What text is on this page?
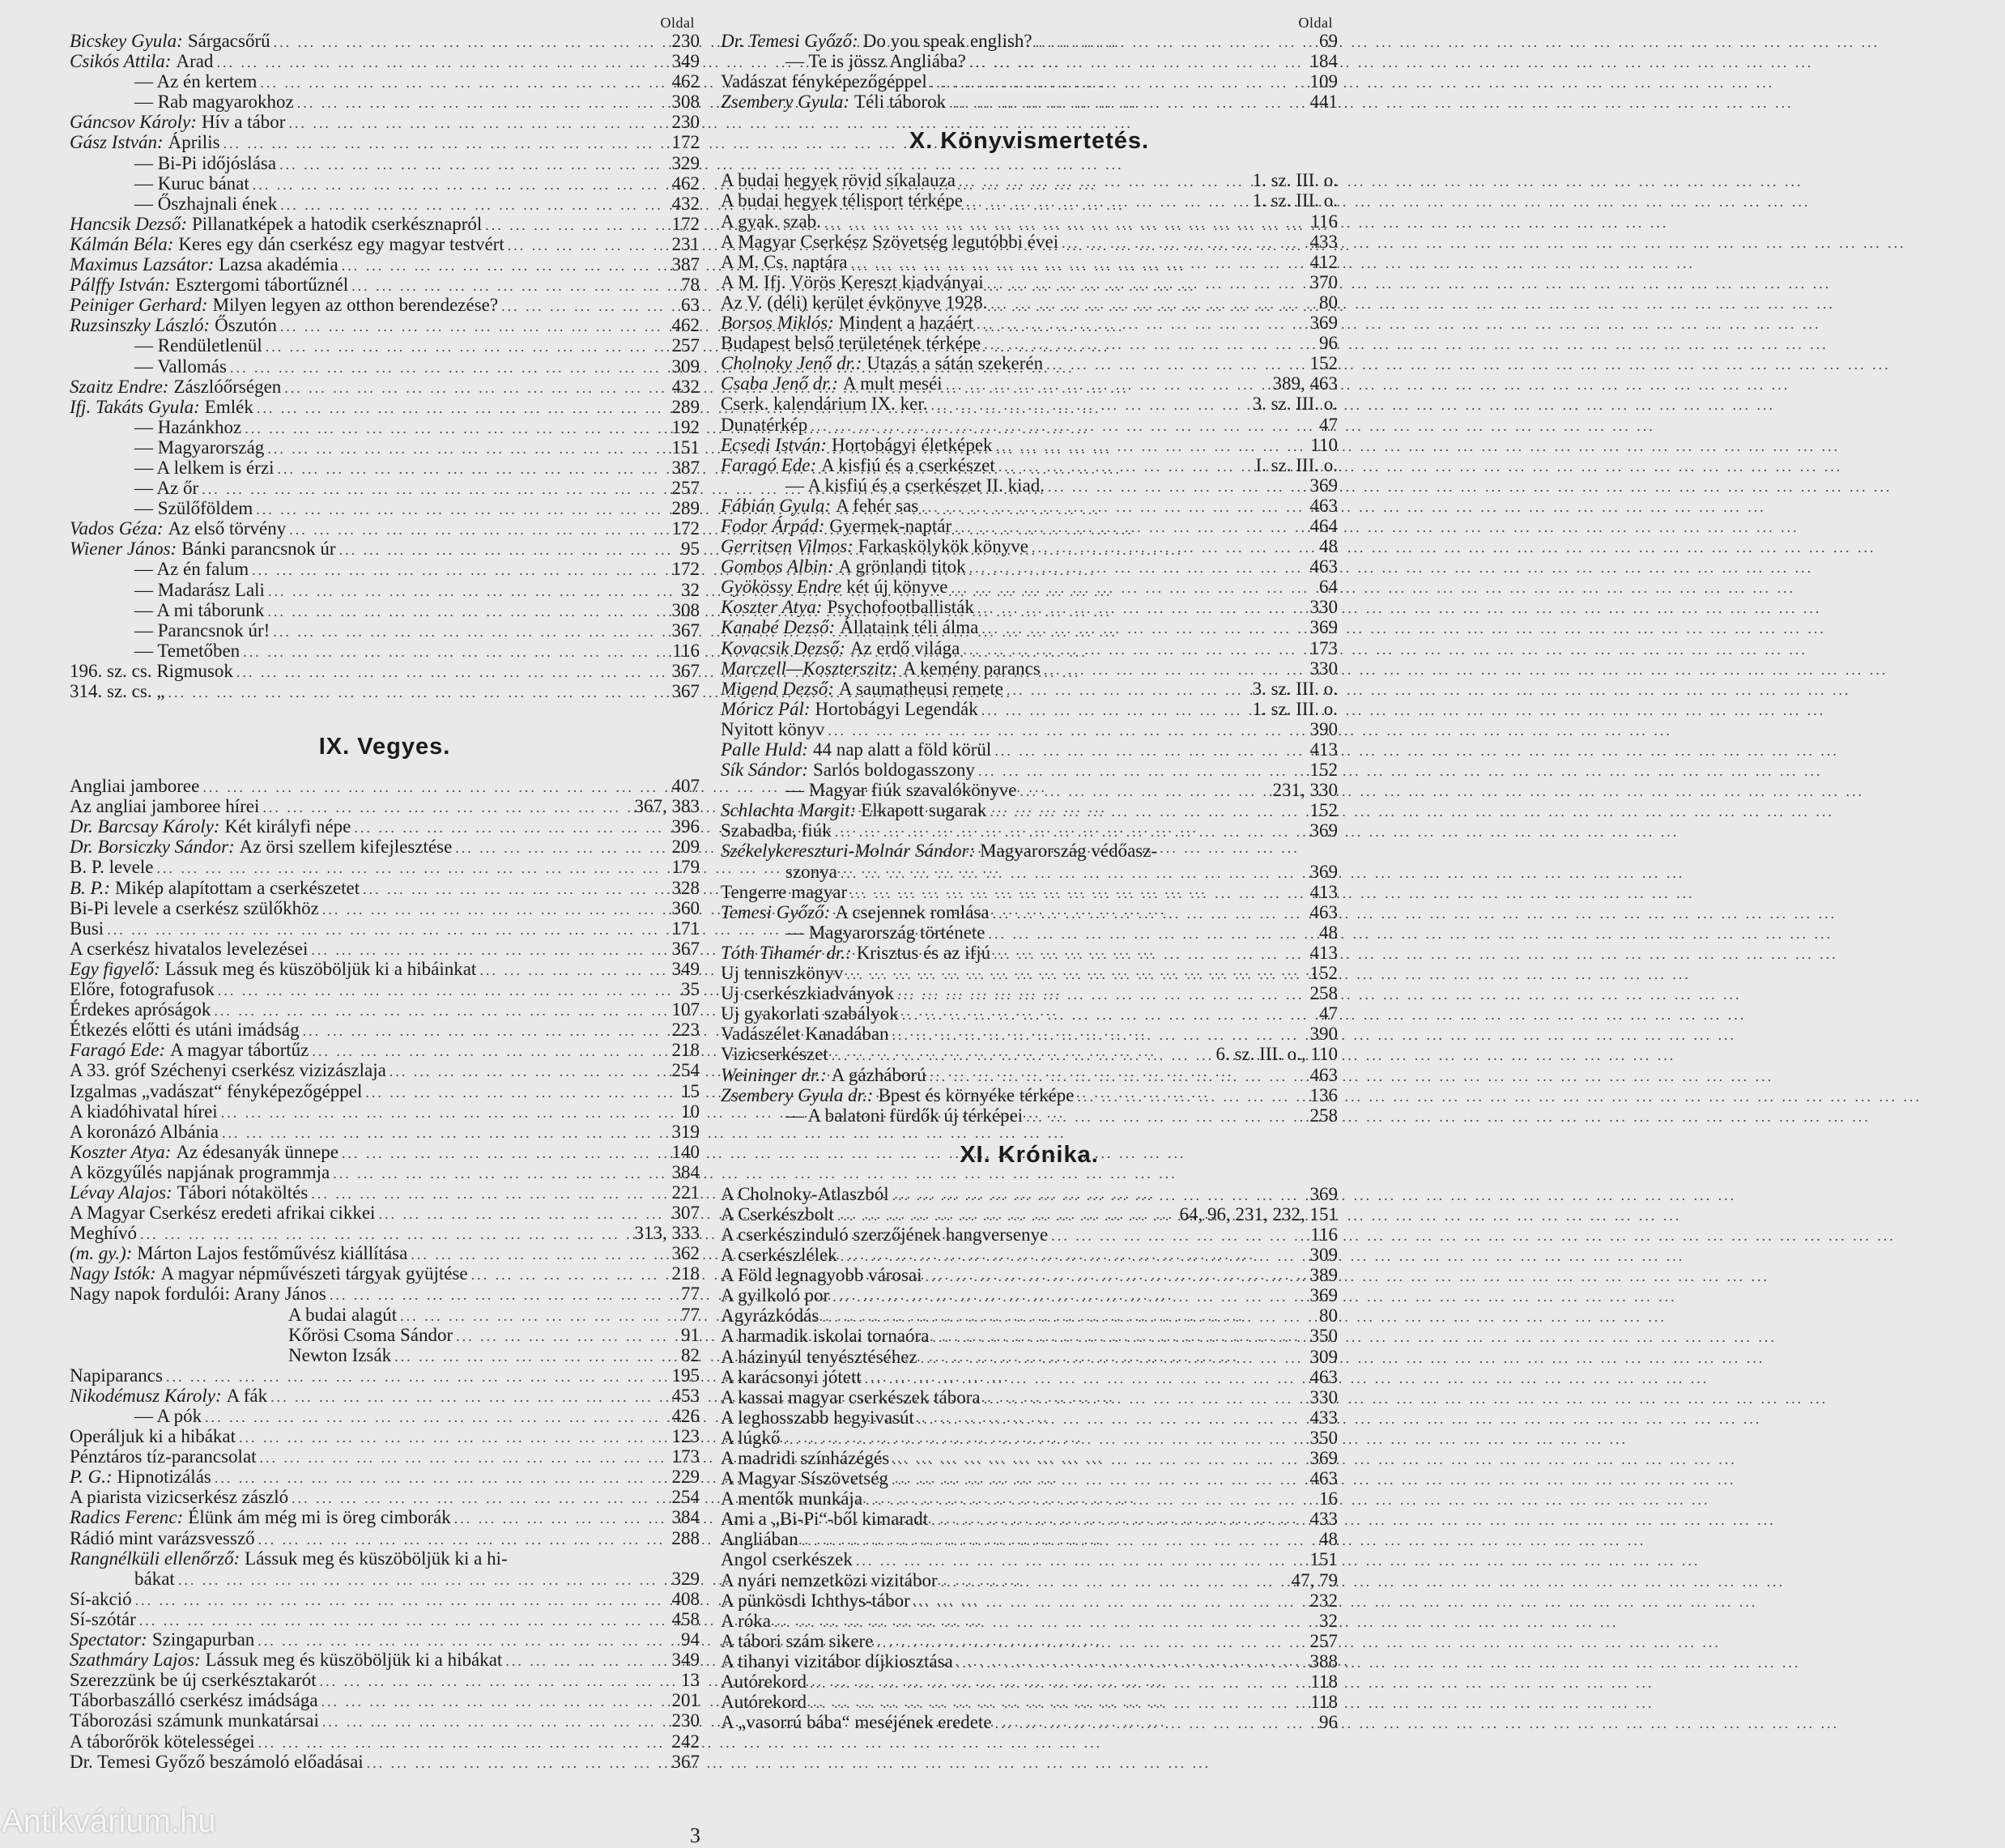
Oldal
Bicskey Gyula: Sárgacsőrű ... .	230
Csikós Attila: Arad ... .	349
— Az én kertem ... .	462
— Rab magyarokhoz ... .	308
Gáncsov Károly: Hív a tábor ... .	230
Gász István: Április ... .	172
— Bi-Pi időjóslása ... .	329
— Kuruc bánat ... .	462
— Őszhajnali ének ... .	432
Hancsik Dezső: Pillanatképek a hatodik cserkésznapról ... .	172
Kálmán Béla: Keres egy dán cserkész egy magyar testvért ... .	231
Maximus Lazsátor: Lazsa akadémia ... .	387
Pálffy István: Esztergomi tábortűznél ... .	78
Peiniger Gerhard: Milyen legyen az otthon berendezése? ... .	63
Ruzsinszky László: Őszutón ... .	462
— Rendületlenül ... .	257
— Vallomás ... .	309
Szaitz Endre: Zászlóőrségen ... .	432
Ifj. Takáts Gyula: Emlék ... .	289
— Hazánkhoz ... .	192
— Magyarország ... .	151
— A lelkem is érzi ... .	387
— Az őr ... .	257
— Szülőföldem ... .	289
Vados Géza: Az első törvény ... .	172
Wiener János: Bánki parancsnok úr ... .	95
— Az én falum ... .	172
— Madarász Lali ... .	32
— A mi táborunk ... .	308
— Parancsnok úr! ... .	367
— Temetőben ... .	116
196. sz. cs. Rigmusok ... .	367
314. sz. cs. „ ... .	367
IX. Vegyes.
Angliai jamboree ... .	407
Az angliai jamboree hírei ... .	367, 383
Dr. Barcsay Károly: Két királyfi népe ... .	396
Dr. Borsiczky Sándor: Az örsi szellem kifejlesztése ... .	209
B. P. levele ... .	179
B. P.: Mikép alapítottam a cserkészetet ... .	328
Bi-Pi levele a cserkész szülőkhöz ... .	360
Busi ... .	171
A cserkész hivatalos levelezései ... .	367
Egy figyelő: Lássuk meg és küszöböljük ki a hibáinkat ... .	349
Előre, fotografusok ... .	35
Érdekes apróságok ... .	107
Étkezés előtti és utáni imádság ... .	223
Faragó Ede: A magyar tábortűz ... .	218
A 33. gróf Széchenyi cserkész vizizászlaja ... .	254
Izgalmas „vadászat“ fényképezőgéppel ... .	15
A kiadóhivatal hírei ... .	10
A koronázó Albánia ... .	319
Koszter Atya: Az édesanyák ünnepe ... .	140
A közgyűlés napjának programmja ... .	384
Lévay Alajos: Tábori nótaköltés ... .	221
A Magyar Cserkész eredeti afrikai cikkei ... .	307
Meghívó ... .	313, 333
(m. gy.): Márton Lajos festőművész kiállítása ... .	362
Nagy Istók: A magyar népművészeti tárgyak gyüjtése ... .	218
Nagy napok fordulói: Arany János ... .	77
A budai alagút ... .	77
Kőrösi Csoma Sándor ... .	91
Newton Izsák ... .	82
Napiparancs ... .	195
Nikodémusz Károly: A fák ... .	453
— A pók ... .	426
Operáljuk ki a hibákat ... .	123
Pénztáros tíz-parancsolat ... .	173
P. G.: Hipnotizálás ... .	229
A piarista vizicserkész zászló ... .	254
Radics Ferenc: Élünk ám még mi is öreg cimborák ... .	384
Rádió mint varázsvessző ... .	288
Rangnélküli ellenőrző: Lássuk meg és küszöböljük ki a hi-
bákat ... .	329
Sí-akció ... .	408
Sí-szótár ... .	458
Spectator: Szingapurban ... .	94
Szathmáry Lajos: Lássuk meg és küszöböljük ki a hibákat ... .	349
Szerezzünk be új cserkésztakarót ... .	13
Táborbaszálló cserkész imádsága ... .	201
Táborozási számunk munkatársai ... .	230
A táborőrök kötelességei ... .	242
Dr. Temesi Győző beszámoló előadásai ... .	367
Oldal
Dr. Temesi Győző: Do you speak english? ... .	69
— Te is jössz Angliába? ... .	184
Vadászat fényképezőgéppel ... .	109
Zsembery Gyula: Téli táborok ... .	441
X. Könyvismertetés.
A budai hegyek rövid síkalauza ... .	1. sz. III. o.
A budai hegyek télisport térképe ... .	1. sz. III. o.
A gyak. szab. ... .	116
A Magyar Cserkész Szövetség legutóbbi évei ... .	433
A M. Cs. naptára ... .	412
A M. Ifj. Vörös Kereszt kiadványai ... .	370
Az V. (déli) kerület évkönyve 1928. ... .	80
Borsos Miklós: Mindent a hazáért ... .	369
Budapest belső területének térképe ... .	96
Cholnoky Jenő dr.: Utazás a sátán szekerén ... .	152
Csaba Jenő dr.: A mult meséi ... .	389, 463
Cserk. kalendárium IX. ker. ... .	3. sz. III. o.
Dunatérkép ... .	47
Ecsedi István: Hortobágyi életképek ... .	110
Faragó Ede: A kisfiú és a cserkészet ... .	I. sz. III. o.
— A kisfiú és a cserkészet II. kiad. ... .	369
Fábián Gyula: A fehér sas ... .	463
Fodor Árpád: Gyermek-naptár ... .	464
Gerritsen Vilmos: Farkaskölykök könyve ... .	48
Gombos Albin: A grönlandi titok ... .	463
Gyökössy Endre két új könyve ... .	64
Koszter Atya: Psychofootballisták ... .	330
Kanabé Dezső: Állataink téli álma ... .	369
Kovacsik Dezső: Az erdő világa ... .	173
Marczell—Koszterszitz: A kemény parancs ... .	330
Migend Dezső: A saumatheusi remete ... .	3. sz. III. o.
Móricz Pál: Hortobágyi Legendák ... .	1. sz. III. o.
Nyitott könyv ... .	390
Palle Huld: 44 nap alatt a föld körül ... .	413
Sík Sándor: Sarlós boldogasszony ... .	152
— Magyar fiúk szavalókönyve ... .	231, 330
Schlachta Margit: Elkapott sugarak ... .	152
Szabadba, fiúk ... .	369
Székelykereszturi-Molnár Sándor: Magyarország védőasz-
szonya ... .	369
Tengerre magyar ... .	413
Temesi Győző: A csejennek romlása ... .	463
— Magyarország története ... .	48
Tóth Tihamér dr.: Krisztus és az ifjú ... .	413
Uj tenniszkönyv ... .	152
Uj cserkészkiadványok ... .	258
Uj gyakorlati szabályok ... .	47
Vadászélet Kanadában ... .	390
Vizicserkészet ... .	6. sz. III. o., 110
Weininger dr.: A gázháború ... .	463
Zsembery Gyula dr.: Bpest és környéke térképe ... .	136
— A balatoni fürdők új térképei ... .	258
XI. Krónika.
A Cholnoky-Atlaszból ... .	369
A Cserkészbolt ... .	64, 96, 231, 232, 151
A cserkészinduló szerzőjének hangversenye ... .	116
A cserkészlélek ... .	309
A Föld legnagyobb városai ... .	389
A gyilkoló por ... .	369
Agyrázkódás ... .	80
A harmadik iskolai tornaóra ... .	350
A házinyúl tenyésztéséhez ... .	309
A karácsonyi jótett ... .	463
A kassai magyar cserkészek tábora ... .	330
A leghosszabb hegyivasút ... .	433
A lúgkő ... .	350
A madridi színházégés ... .	369
A Magyar Síszövetség ... .	463
A mentők munkája ... .	16
Ami a „Bi-Pi“-ből kimaradt ... .	433
Angliában ... .	48
Angol cserkészek ... .	151
A nyári nemzetközi vizitábor ... .	47, 79
A pünkösdi Ichthys-tábor ... .	232
A róka ... .	32
A tábori szám sikere ... .	257
A tihanyi vizitábor díjkiosztása ... .	388
Autórekord ... .	118
Autórekord ... .	118
A „vasorrú bába“ meséjének eredete ... .	96
Antikvárium.hu	3
